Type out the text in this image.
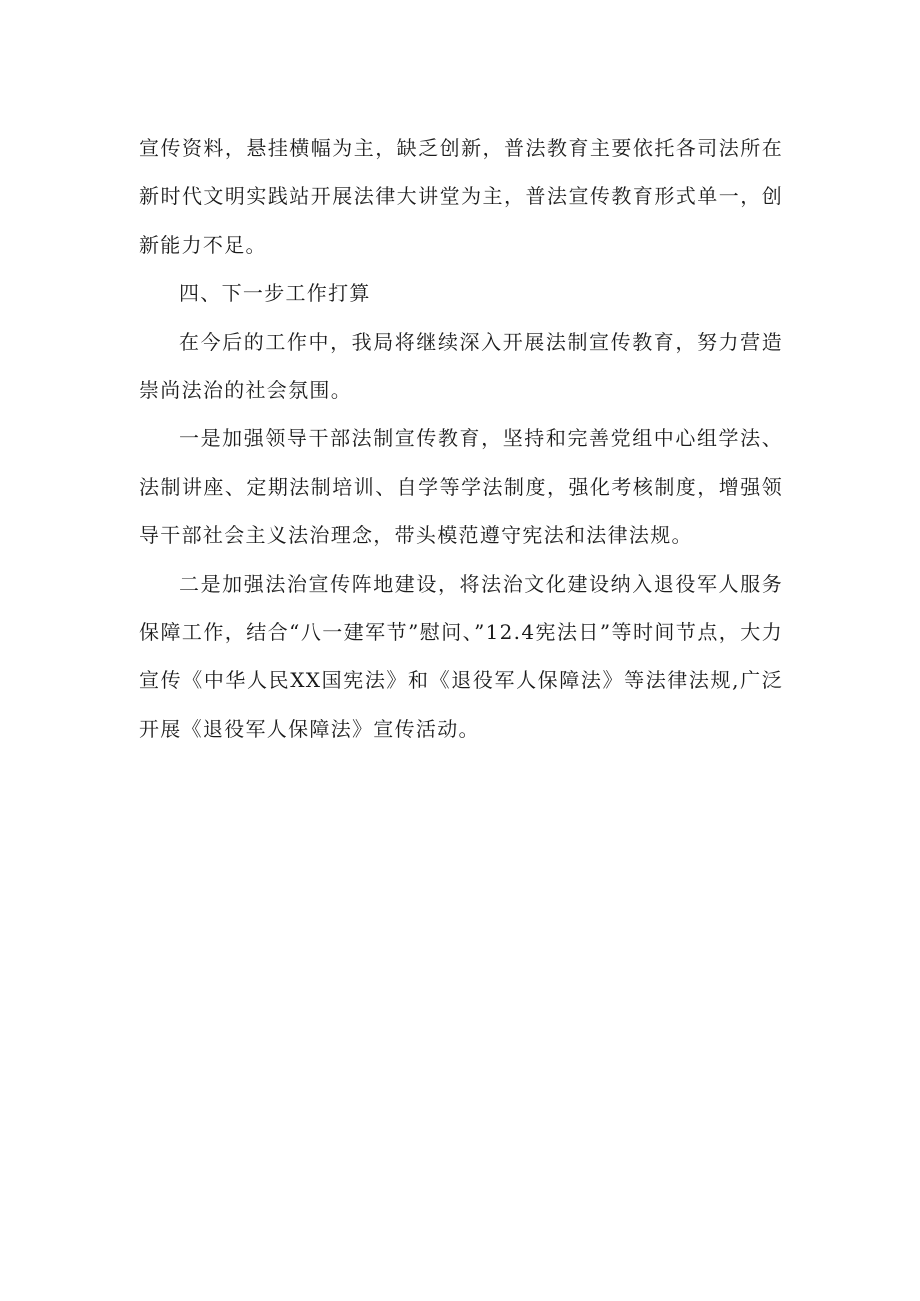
宣传资料，悬挂横幅为主，缺乏创新，普法教育主要依托各司法所在新时代文明实践站开展法律大讲堂为主，普法宣传教育形式单一，创新能力不足。

四、下一步工作打算

在今后的工作中，我局将继续深入开展法制宣传教育，努力营造崇尚法治的社会氛围。

一是加强领导干部法制宣传教育，坚持和完善党组中心组学法、法制讲座、定期法制培训、自学等学法制度，强化考核制度，增强领导干部社会主义法治理念，带头模范遵守宪法和法律法规。

二是加强法治宣传阵地建设，将法治文化建设纳入退役军人服务保障工作，结合“八一建军节”慰问、”12.4宪法日”等时间节点，大力宣传《中华人民XX国宪法》和《退役军人保障法》等法律法规,广泛开展《退役军人保障法》宣传活动。
